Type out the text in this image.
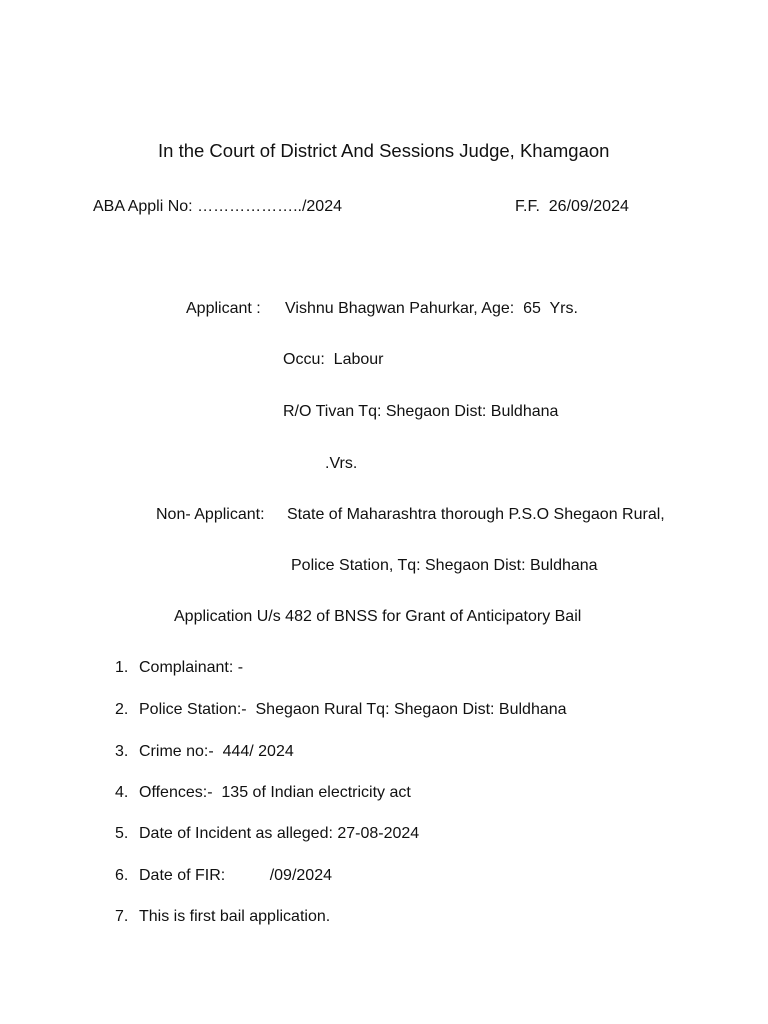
In the Court of District And Sessions Judge, Khamgaon
ABA Appli No: ………………../2024	F.F.  26/09/2024
Applicant : Vishnu Bhagwan Pahurkar, Age:  65  Yrs.
Occu:  Labour
R/O Tivan Tq: Shegaon Dist: Buldhana
.Vrs.
Non- Applicant: State of Maharashtra thorough P.S.O Shegaon Rural,
Police Station, Tq: Shegaon Dist: Buldhana
Application U/s 482 of BNSS for Grant of Anticipatory Bail
1. Complainant: -
2. Police Station:-  Shegaon Rural Tq: Shegaon Dist: Buldhana
3. Crime no:-  444/ 2024
4. Offences:-  135 of Indian electricity act
5. Date of Incident as alleged: 27-08-2024
6. Date of FIR:          /09/2024
7. This is first bail application.
